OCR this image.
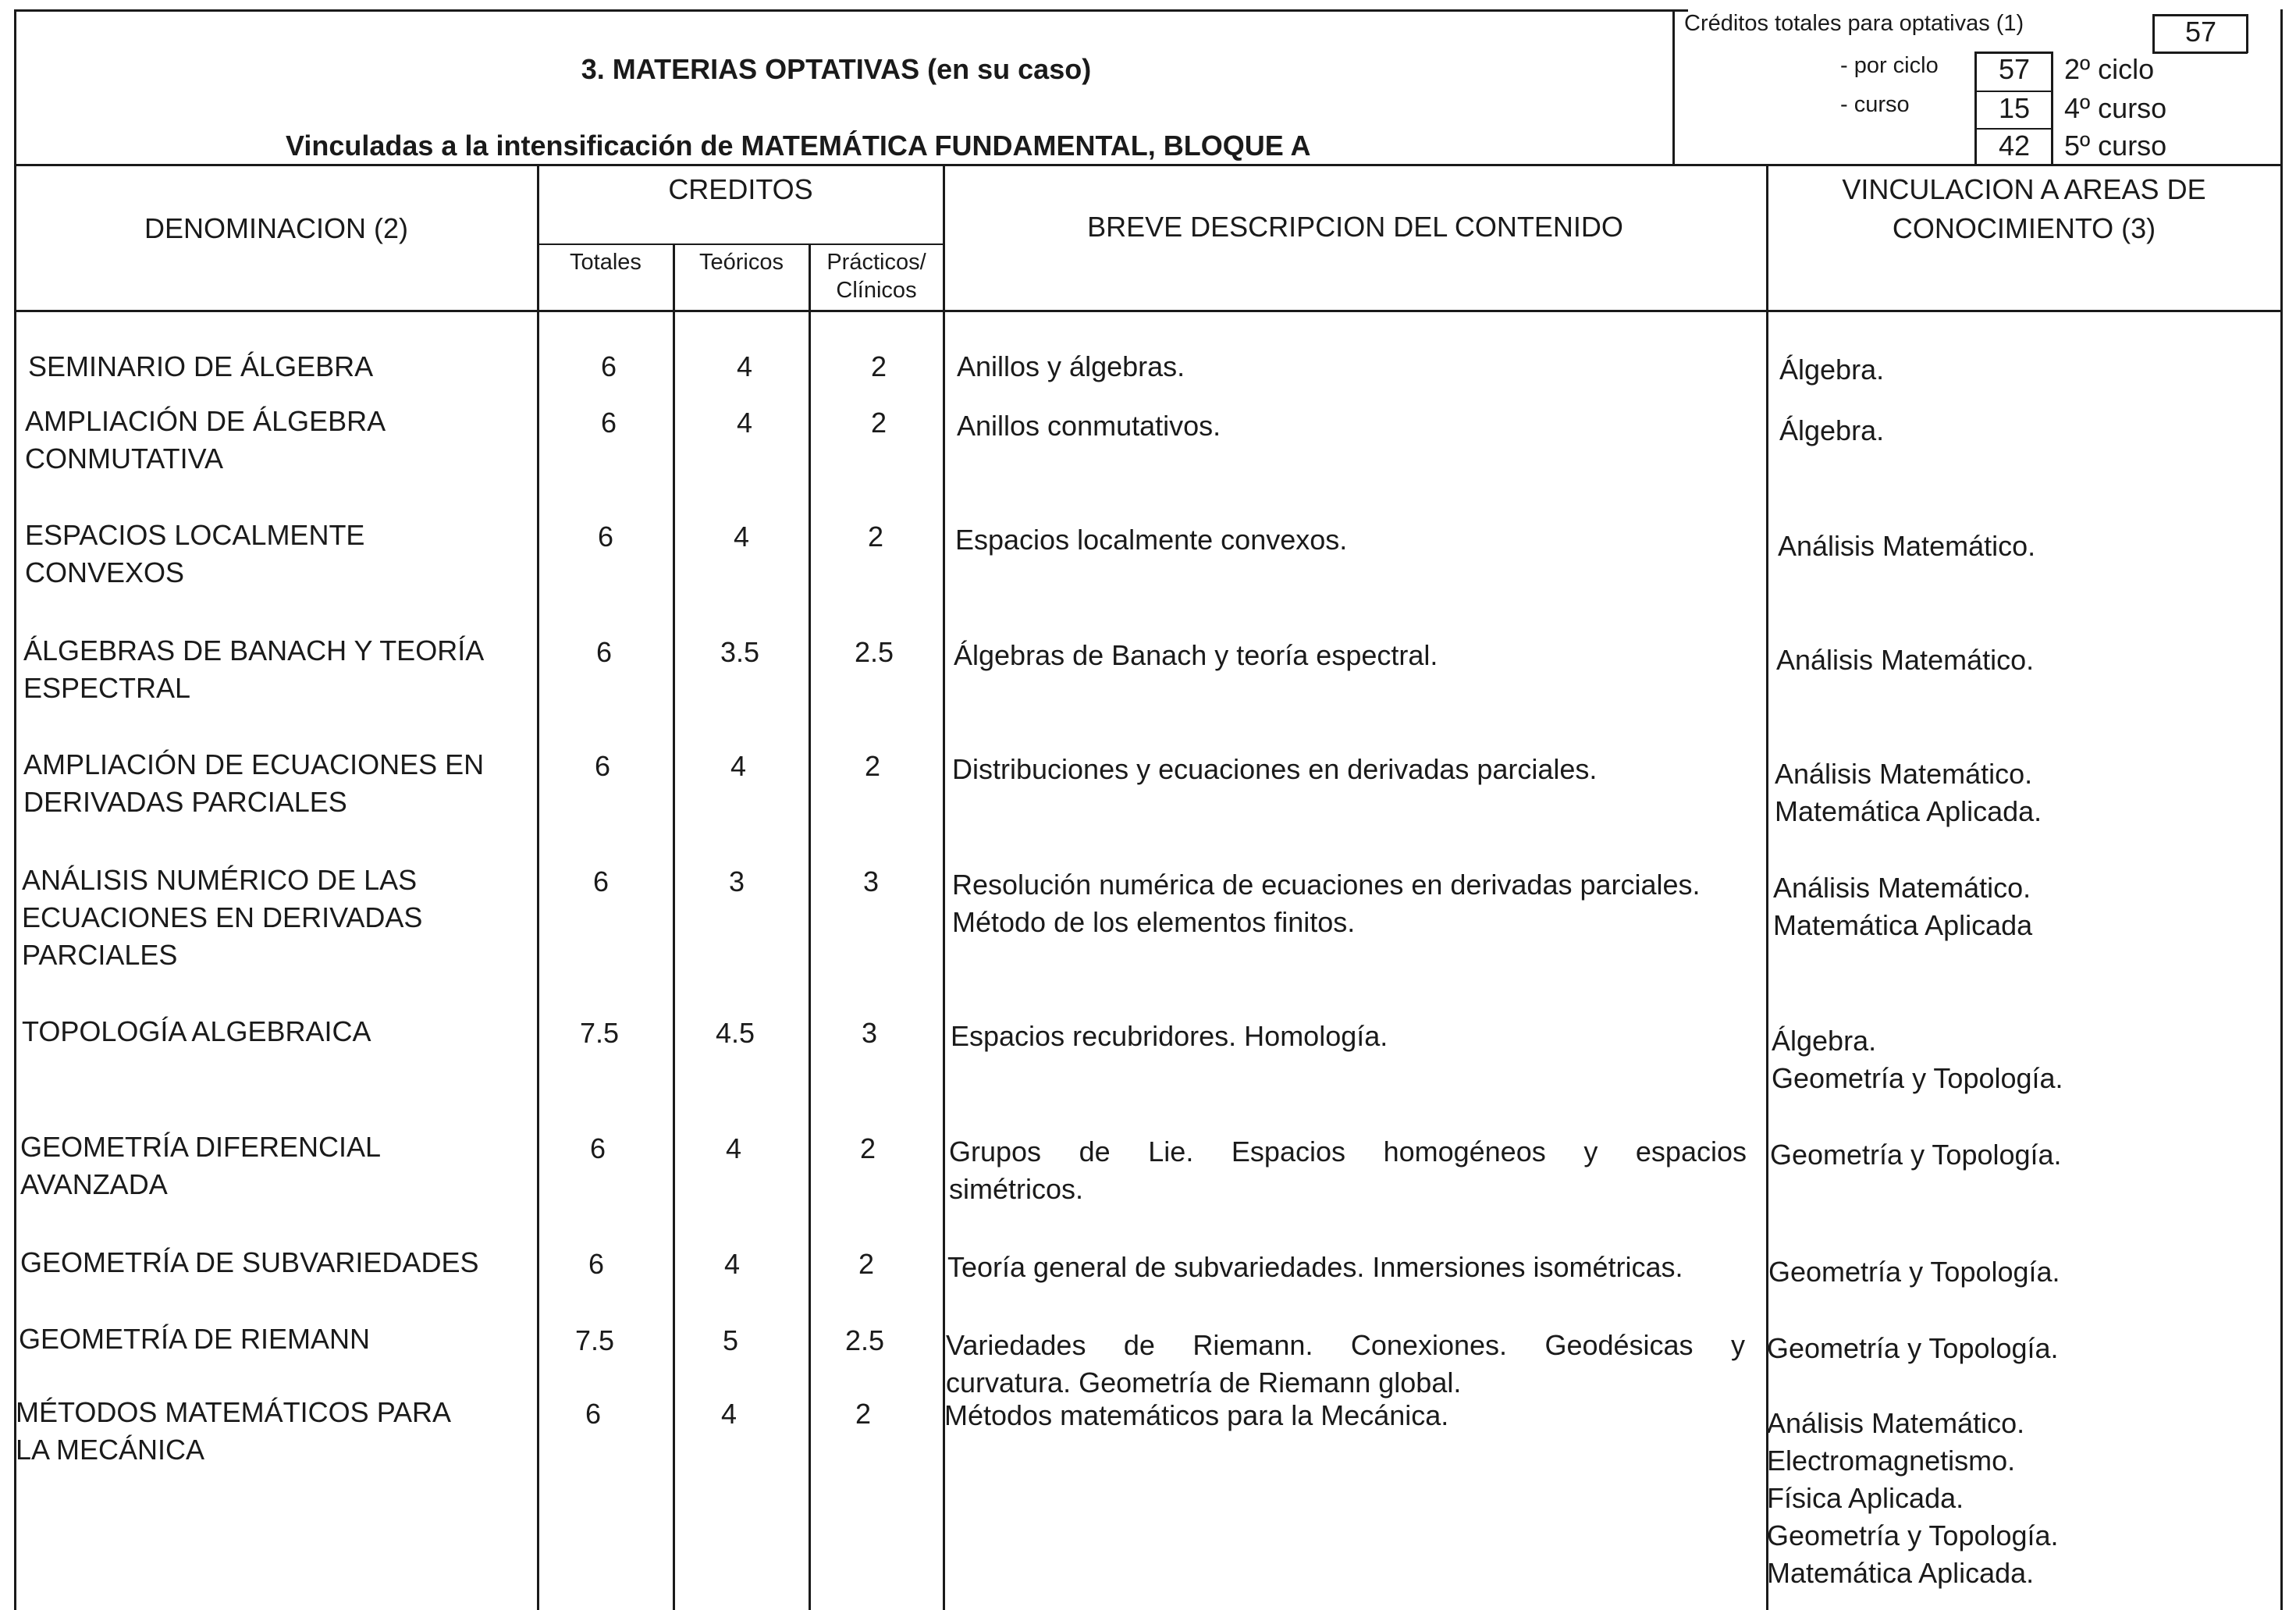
3. MATERIAS OPTATIVAS (en su caso)
Vinculadas a la intensificación de MATEMÁTICA FUNDAMENTAL, BLOQUE A
Créditos totales para optativas (1)	57
- por ciclo	57	2º ciclo
- curso	15	4º curso
42	5º curso
DENOMINACION (2)
CREDITOS
Totales	Teóricos	Prácticos/
Clínicos
BREVE DESCRIPCION DEL CONTENIDO
VINCULACION A AREAS DE
CONOCIMIENTO (3)
SEMINARIO DE ÁLGEBRA	6	4	2	Anillos y álgebras.	Álgebra.
AMPLIACIÓN DE ÁLGEBRA
CONMUTATIVA
6	4	2	Anillos conmutativos.	Álgebra.
ESPACIOS LOCALMENTE
CONVEXOS
6	4	2	Espacios localmente convexos.	Análisis Matemático.
ÁLGEBRAS DE BANACH Y TEORÍA
ESPECTRAL
6	3.5	2.5	Álgebras de Banach y teoría espectral.	Análisis Matemático.
AMPLIACIÓN DE ECUACIONES EN
DERIVADAS PARCIALES
6	4	2	Distribuciones y ecuaciones en derivadas parciales.	Análisis Matemático.
Matemática Aplicada.
ANÁLISIS NUMÉRICO DE LAS
ECUACIONES EN DERIVADAS
PARCIALES
6	3	3	Resolución numérica de ecuaciones en derivadas parciales.
Método de los elementos finitos.
Análisis Matemático.
Matemática Aplicada
TOPOLOGÍA ALGEBRAICA	7.5	4.5	3	Espacios recubridores. Homología.	Álgebra.
Geometría y Topología.
GEOMETRÍA DIFERENCIAL
AVANZADA
6	4	2	Grupos de Lie. Espacios homogéneos y espacios
simétricos.
Geometría y Topología.
GEOMETRÍA DE SUBVARIEDADES	6	4	2	Teoría general de subvariedades. Inmersiones isométricas.	Geometría y Topología.
GEOMETRÍA DE RIEMANN	7.5	5	2.5	Variedades de Riemann. Conexiones. Geodésicas y
curvatura. Geometría de Riemann global.
Geometría y Topología.
MÉTODOS MATEMÁTICOS PARA
LA MECÁNICA
6	4	2	Métodos matemáticos para la Mecánica.	Análisis Matemático.
Electromagnetismo.
Física Aplicada.
Geometría y Topología.
Matemática Aplicada.
